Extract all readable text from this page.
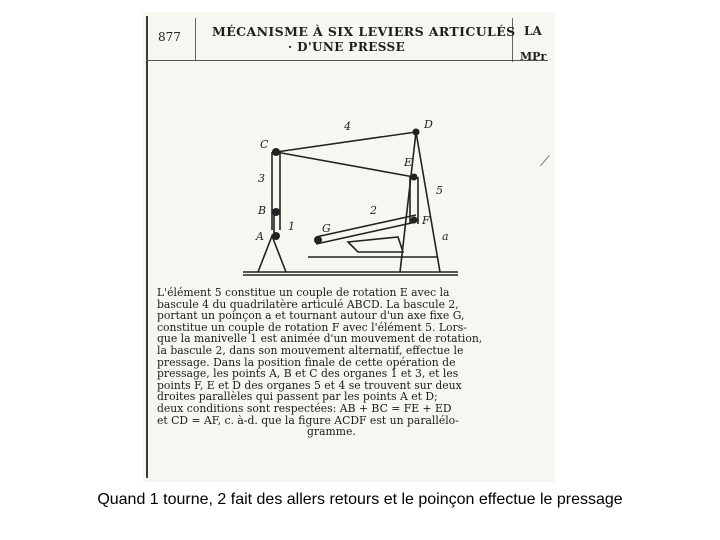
877 MÉCANISME À SIX LEVIERS ARTICULÉS
· D'UNE PRESSE
LA
MPr
C
D
E
B
A
G
F
1
2
3
4
5
a
L'élément 5 constitue un couple de rotation E avec la
bascule 4 du quadrilatère articulé ABCD. La bascule 2,
portant un poinçon a et tournant autour d'un axe fixe G,
constitue un couple de rotation F avec l'élément 5. Lors-
que la manivelle 1 est animée d'un mouvement de rotation,
la bascule 2, dans son mouvement alternatif, effectue le
pressage. Dans la position finale de cette opération de
pressage, les points A, B et C des organes 1 et 3, et les
points F, E et D des organes 5 et 4 se trouvent sur deux
droites parallèles qui passent par les points A et D;
deux conditions sont respectées: AB + BC = FE + ED
et CD = AF, c. à-d. que la figure ACDF est un parallélo-
gramme.
Quand 1 tourne, 2 fait des allers retours et le poinçon effectue le pressage
